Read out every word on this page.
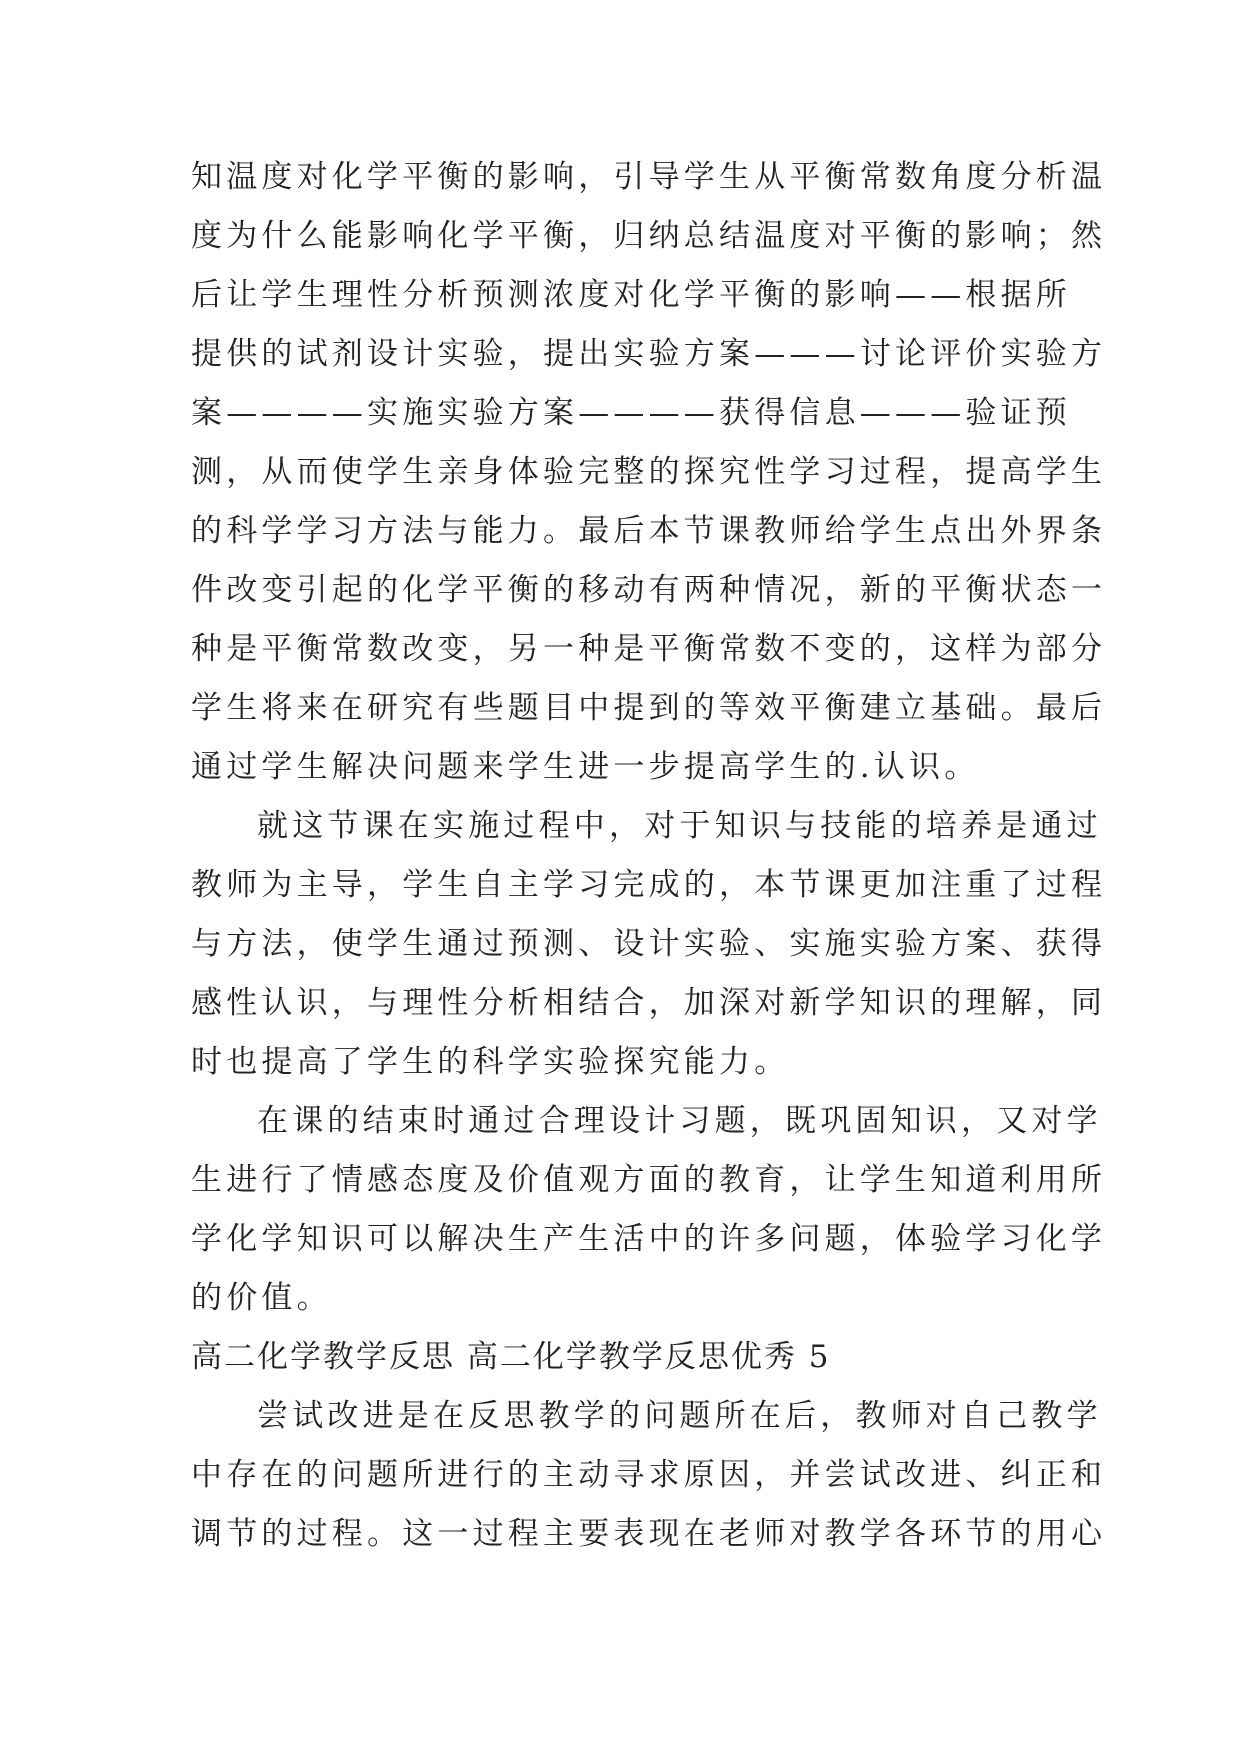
知温度对化学平衡的影响，引导学生从平衡常数角度分析温
度为什么能影响化学平衡，归纳总结温度对平衡的影响；然
后让学生理性分析预测浓度对化学平衡的影响——根据所
提供的试剂设计实验，提出实验方案———讨论评价实验方
案————实施实验方案————获得信息———验证预
测，从而使学生亲身体验完整的探究性学习过程，提高学生
的科学学习方法与能力。最后本节课教师给学生点出外界条
件改变引起的化学平衡的移动有两种情况，新的平衡状态一
种是平衡常数改变，另一种是平衡常数不变的，这样为部分
学生将来在研究有些题目中提到的等效平衡建立基础。最后
通过学生解决问题来学生进一步提高学生的.认识。
就这节课在实施过程中，对于知识与技能的培养是通过
教师为主导，学生自主学习完成的，本节课更加注重了过程
与方法，使学生通过预测、设计实验、实施实验方案、获得
感性认识，与理性分析相结合，加深对新学知识的理解，同
时也提高了学生的科学实验探究能力。
在课的结束时通过合理设计习题，既巩固知识，又对学
生进行了情感态度及价值观方面的教育，让学生知道利用所
学化学知识可以解决生产生活中的许多问题，体验学习化学
的价值。
高二化学教学反思 高二化学教学反思优秀 5
尝试改进是在反思教学的问题所在后，教师对自己教学
中存在的问题所进行的主动寻求原因，并尝试改进、纠正和
调节的过程。这一过程主要表现在老师对教学各环节的用心
